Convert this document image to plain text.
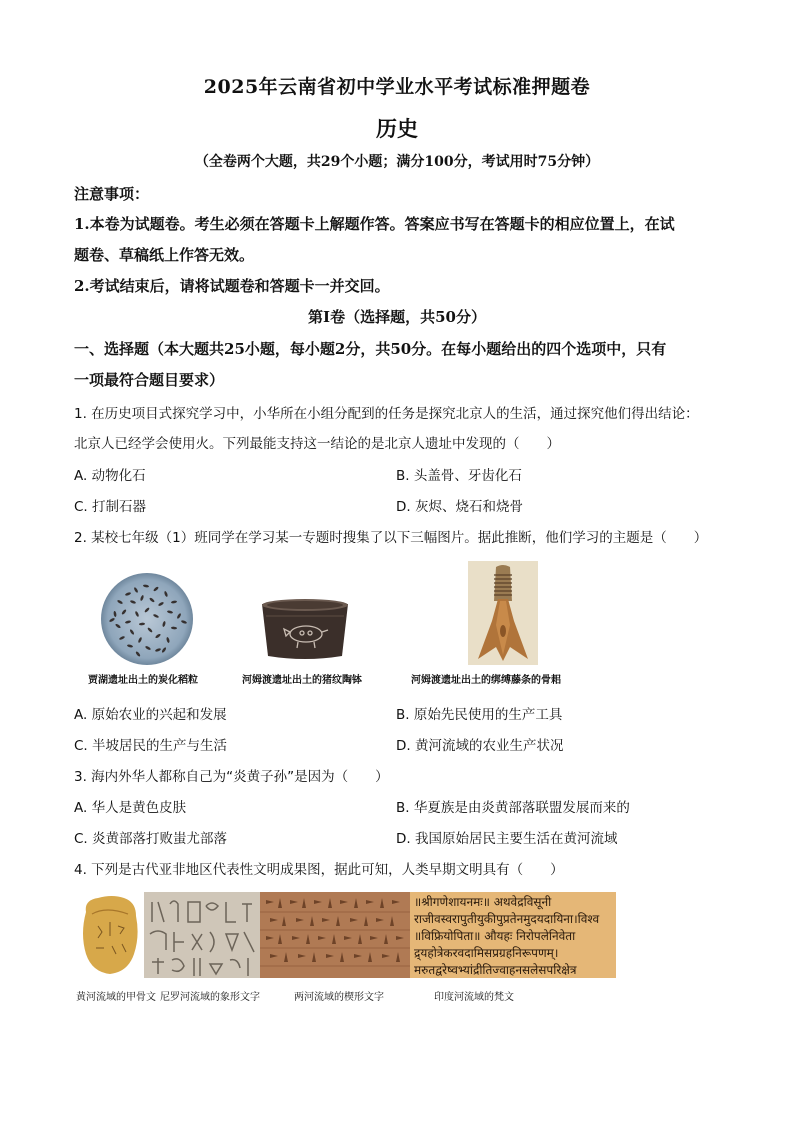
2025年云南省初中学业水平考试标准押题卷
历史
（全卷两个大题，共29个小题；满分100分，考试用时75分钟）
注意事项：
1.本卷为试题卷。考生必须在答题卡上解题作答。答案应书写在答题卡的相应位置上，在试
题卷、草稿纸上作答无效。
2.考试结束后，请将试题卷和答题卡一并交回。
第Ⅰ卷（选择题，共50分）
一、选择题（本大题共25小题，每小题2分，共50分。在每小题给出的四个选项中，只有
一项最符合题目要求）
1. 在历史项目式探究学习中，小华所在小组分配到的任务是探究北京人的生活，通过探究他们得出结论：
北京人已经学会使用火。下列最能支持这一结论的是北京人遗址中发现的（　　）
A. 动物化石	B. 头盖骨、牙齿化石
C. 打制石器	D. 灰烬、烧石和烧骨
2. 某校七年级（1）班同学在学习某一专题时搜集了以下三幅图片。据此推断，他们学习的主题是（　　）
贾湖遗址出土的炭化稻粒	河姆渡遗址出土的猪纹陶钵	河姆渡遗址出土的绑缚藤条的骨耜
A. 原始农业的兴起和发展	B. 原始先民使用的生产工具
C. 半坡居民的生产与生活	D. 黄河流域的农业生产状况
3. 海内外华人都称自己为“炎黄子孙”是因为（　　）
A. 华人是黄色皮肤	B. 华夏族是由炎黄部落联盟发展而来的
C. 炎黄部落打败蚩尤部落	D. 我国原始居民主要生活在黄河流域
4. 下列是古代亚非地区代表性文明成果图，据此可知，人类早期文明具有（　　）
॥श्रीगणेशायनमः॥ अथवेद्रविसूनी
राजीवस्वरापुतीयुकीपुप्रतेनमुदयदायिना।विश्व
॥विफ्रियोपिता॥ औयहः निरोपलेनिवेता
द्र्यहोत्रेकरवदामिसप्रग्रहनिरूपणम्।
मरुतद्वरेष्वभ्यांद्रीतिज्वाहनसलेसपरिक्षेत्र
黄河流域的甲骨文 尼罗河流域的象形文字	两河流域的楔形文字	印度河流域的梵文
